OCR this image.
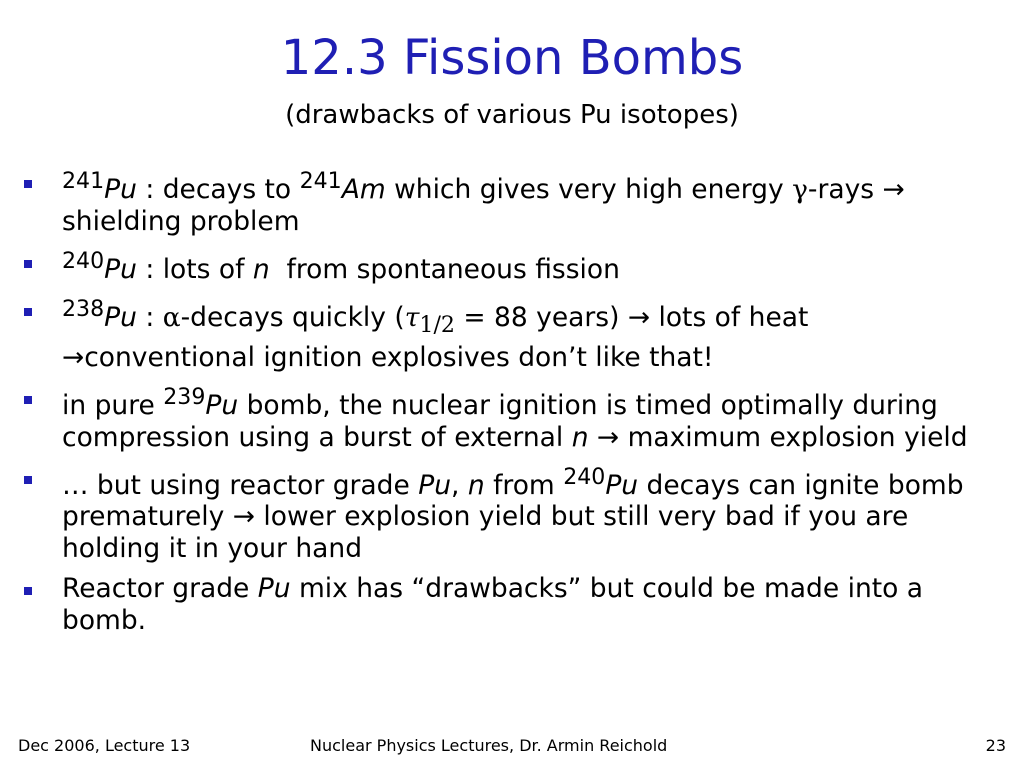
12.3 Fission Bombs
(drawbacks of various Pu isotopes)
$^{241}$Pu : decays to $^{241}$Am which gives very high energy γ-rays → shielding problem
$^{240}$Pu : lots of n  from spontaneous fission
$^{238}$Pu : α-decays quickly ($\tau_{1/2} = 88$ years) → lots of heat →conventional ignition explosives don’t like that!
in pure $^{239}$Pu bomb, the nuclear ignition is timed optimally during compression using a burst of external n → maximum explosion yield
… but using reactor grade Pu, n from $^{240}$Pu decays can ignite bomb prematurely → lower explosion yield but still very bad if you are holding it in your hand
Reactor grade Pu mix has “drawbacks” but could be made into a bomb.
Dec 2006, Lecture 13	Nuclear Physics Lectures, Dr. Armin Reichold	23
